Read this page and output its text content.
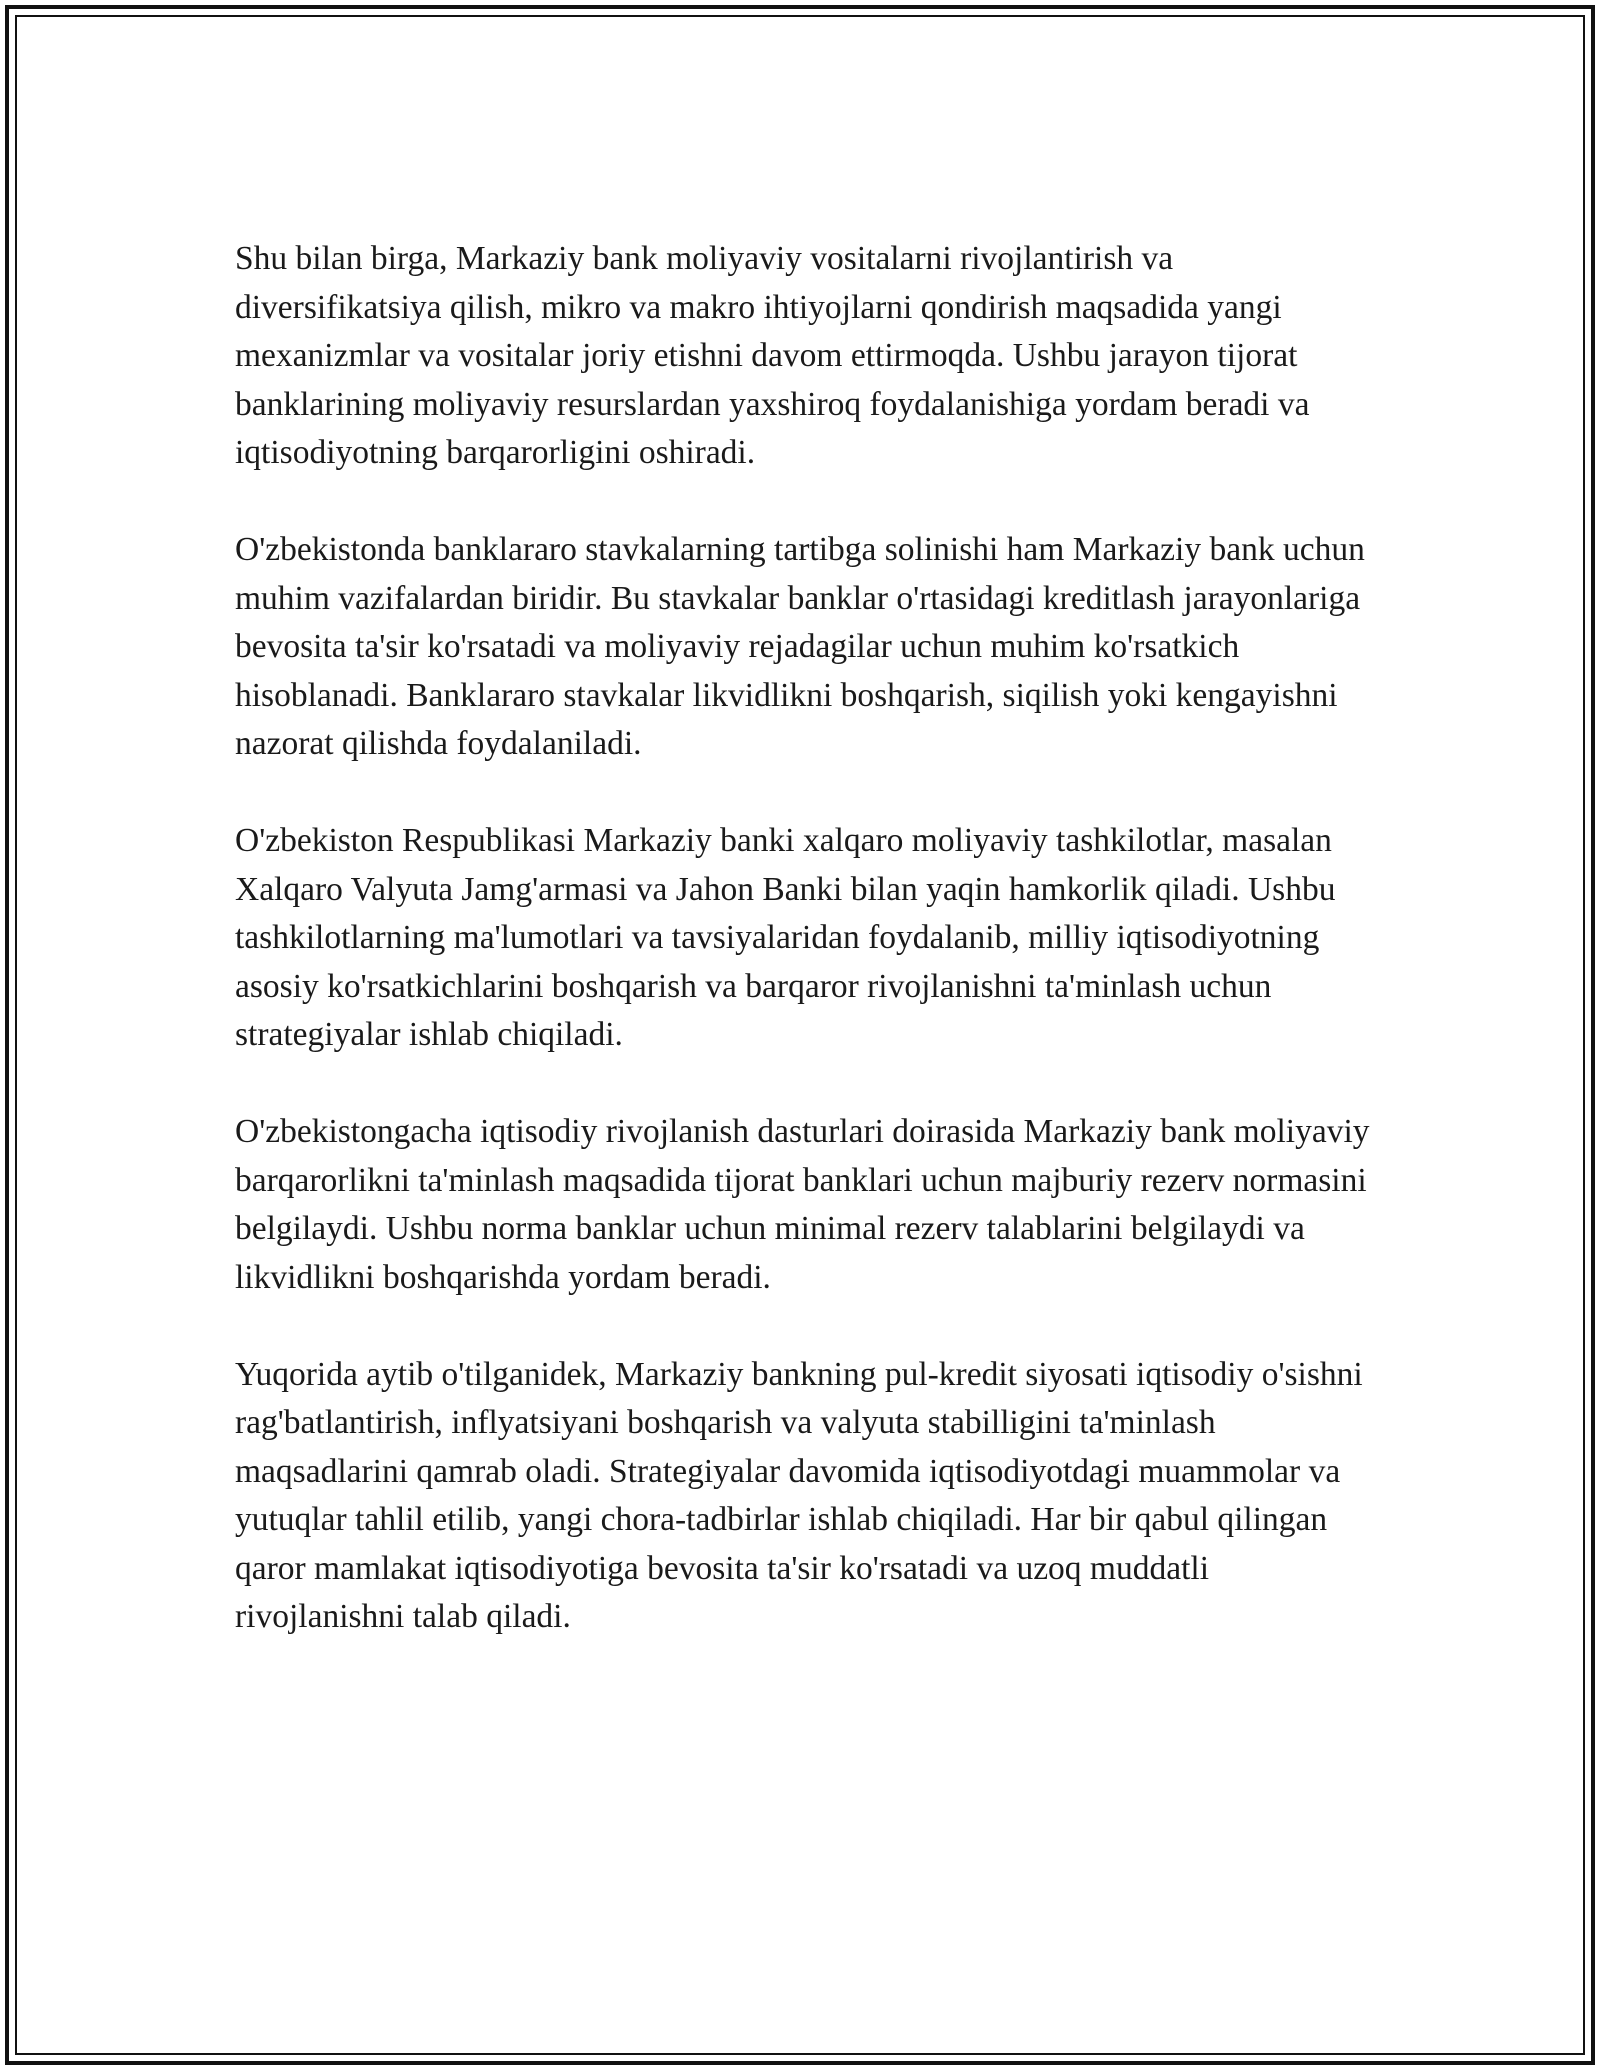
Shu bilan birga, Markaziy bank moliyaviy vositalarni rivojlantirish va diversifikatsiya qilish, mikro va makro ihtiyojlarni qondirish maqsadida yangi mexanizmlar va vositalar joriy etishni davom ettirmoqda. Ushbu jarayon tijorat banklarining moliyaviy resurslardan yaxshiroq foydalanishiga yordam beradi va iqtisodiyotning barqarorligini oshiradi.

O'zbekistonda banklararo stavkalarning tartibga solinishi ham Markaziy bank uchun muhim vazifalardan biridir. Bu stavkalar banklar o'rtasidagi kreditlash jarayonlariga bevosita ta'sir ko'rsatadi va moliyaviy rejadagilar uchun muhim ko'rsatkich hisoblanadi. Banklararo stavkalar likvidlikni boshqarish, siqilish yoki kengayishni nazorat qilishda foydalaniladi.

O'zbekiston Respublikasi Markaziy banki xalqaro moliyaviy tashkilotlar, masalan Xalqaro Valyuta Jamg'armasi va Jahon Banki bilan yaqin hamkorlik qiladi. Ushbu tashkilotlarning ma'lumotlari va tavsiyalaridan foydalanib, milliy iqtisodiyotning asosiy ko'rsatkichlarini boshqarish va barqaror rivojlanishni ta'minlash uchun strategiyalar ishlab chiqiladi.

O'zbekistongacha iqtisodiy rivojlanish dasturlari doirasida Markaziy bank moliyaviy barqarorlikni ta'minlash maqsadida tijorat banklari uchun majburiy rezerv normasini belgilaydi. Ushbu norma banklar uchun minimal rezerv talablarini belgilaydi va likvidlikni boshqarishda yordam beradi.

Yuqorida aytib o'tilganidek, Markaziy bankning pul-kredit siyosati iqtisodiy o'sishni rag'batlantirish, inflyatsiyani boshqarish va valyuta stabilligini ta'minlash maqsadlarini qamrab oladi. Strategiyalar davomida iqtisodiyotdagi muammolar va yutuqlar tahlil etilib, yangi chora-tadbirlar ishlab chiqiladi. Har bir qabul qilingan qaror mamlakat iqtisodiyotiga bevosita ta'sir ko'rsatadi va uzoq muddatli rivojlanishni talab qiladi.
